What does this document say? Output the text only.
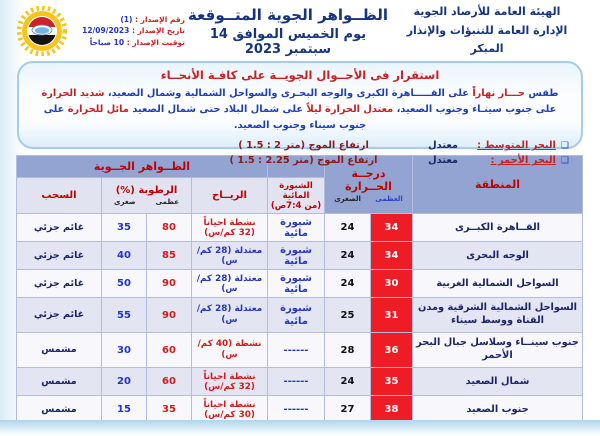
الهيئة العامة للأرصاد الجوية
الإدارة العامة للتنبؤات والإنذار المبكر
الظــواهر الجوية المتــوقعة
يوم الخميس الموافق 14 سبتمبر 2023
رقم الإصدار : (1)
تاريخ الإصدار : 12/09/2023
توقيت الإصدار : 10 صباحاً
استقرار فى الأحــوال الجويــة على كافـة الأنحــاء
طقس حـــار نهاراً على القـــــاهرة الكبرى والوجه البحـرى والسواحل الشمالية وشمال الصعيد، شديد الحرارة على جنوب سينـاء وجنوب الصعيد، معتدل الحرارة ليلاً على شمال البلاد حتى شمال الصعيد مائل للحرارة على جنوب سيناء وجنوب الصعيد.
❑
البحر المتوسط :
معتدل
ارتفاع الموج ( 1.5 : 2 متر)
❑
البحر الأحمر :
معتدل
ارتفاع الموج ( 1.5 : 2.25 متر)
المنطقة	درجــة الحــرارة
العظمى
الصغرى			الظــواهر الجــوية			

الشبورة المائية
(من 7:4ص)
	الريــاح	
الرطوبة (%)
عظمى
صغرى
	السحب
القــاهرة الكبــرى	34	24	شبورة مائية	نشطة احياناً (32 كم/س)	80	35	غائم جزئي
الوجه البحرى	34	24	شبورة مائية	معتدلة (28 كم/س)	85	40	غائم جزئي
السواحل الشمالية الغربية	30	24	شبورة مائية	معتدلة (28 كم/س)	90	50	غائم جزئي
السواحل الشمالية الشرقية ومدن القناة ووسط سيناء	31	25	شبورة مائية	معتدلة (28 كم/س)	90	55	غائم جزئي
جنوب سينــاء وسلاسل جبال البحر الأحمر	36	28	------	نشطة (40 كم/س)	60	30	مشمس
شمال الصعيد	35	24	------	نشطة احياناً (32 كم/س)	60	20	مشمس
جنوب الصعيد	38	27	------	نشطة احياناً (30 كم/س)	35	15	مشمس
